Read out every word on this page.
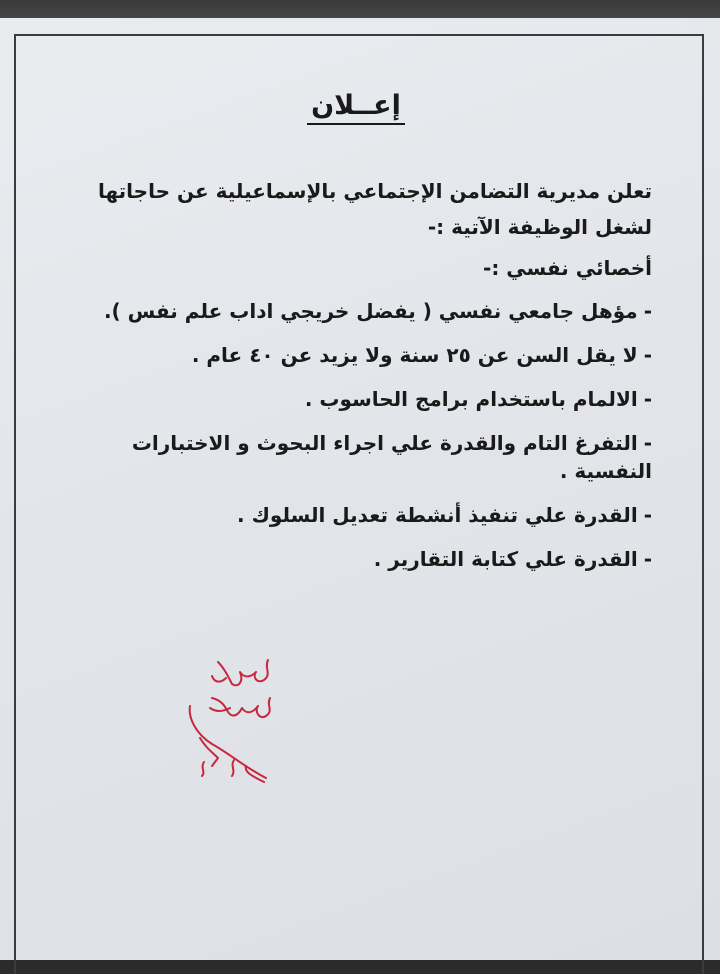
إعــلان

تعلن مديرية التضامن الإجتماعي بالإسماعيلية عن حاجاتها لشغل الوظيفة الآتية :-

أخصائي نفسي :-

-مؤهل جامعي نفسي ( يفضل خريجي اداب علم نفس ).
-لا يقل السن عن ٢٥ سنة ولا يزيد عن ٤٠ عام .
-الالمام باستخدام برامج الحاسوب .
-التفرغ التام والقدرة علي اجراء البحوث و الاختبارات النفسية .
-القدرة علي تنفيذ أنشطة تعديل السلوك .
-القدرة علي كتابة التقارير .
